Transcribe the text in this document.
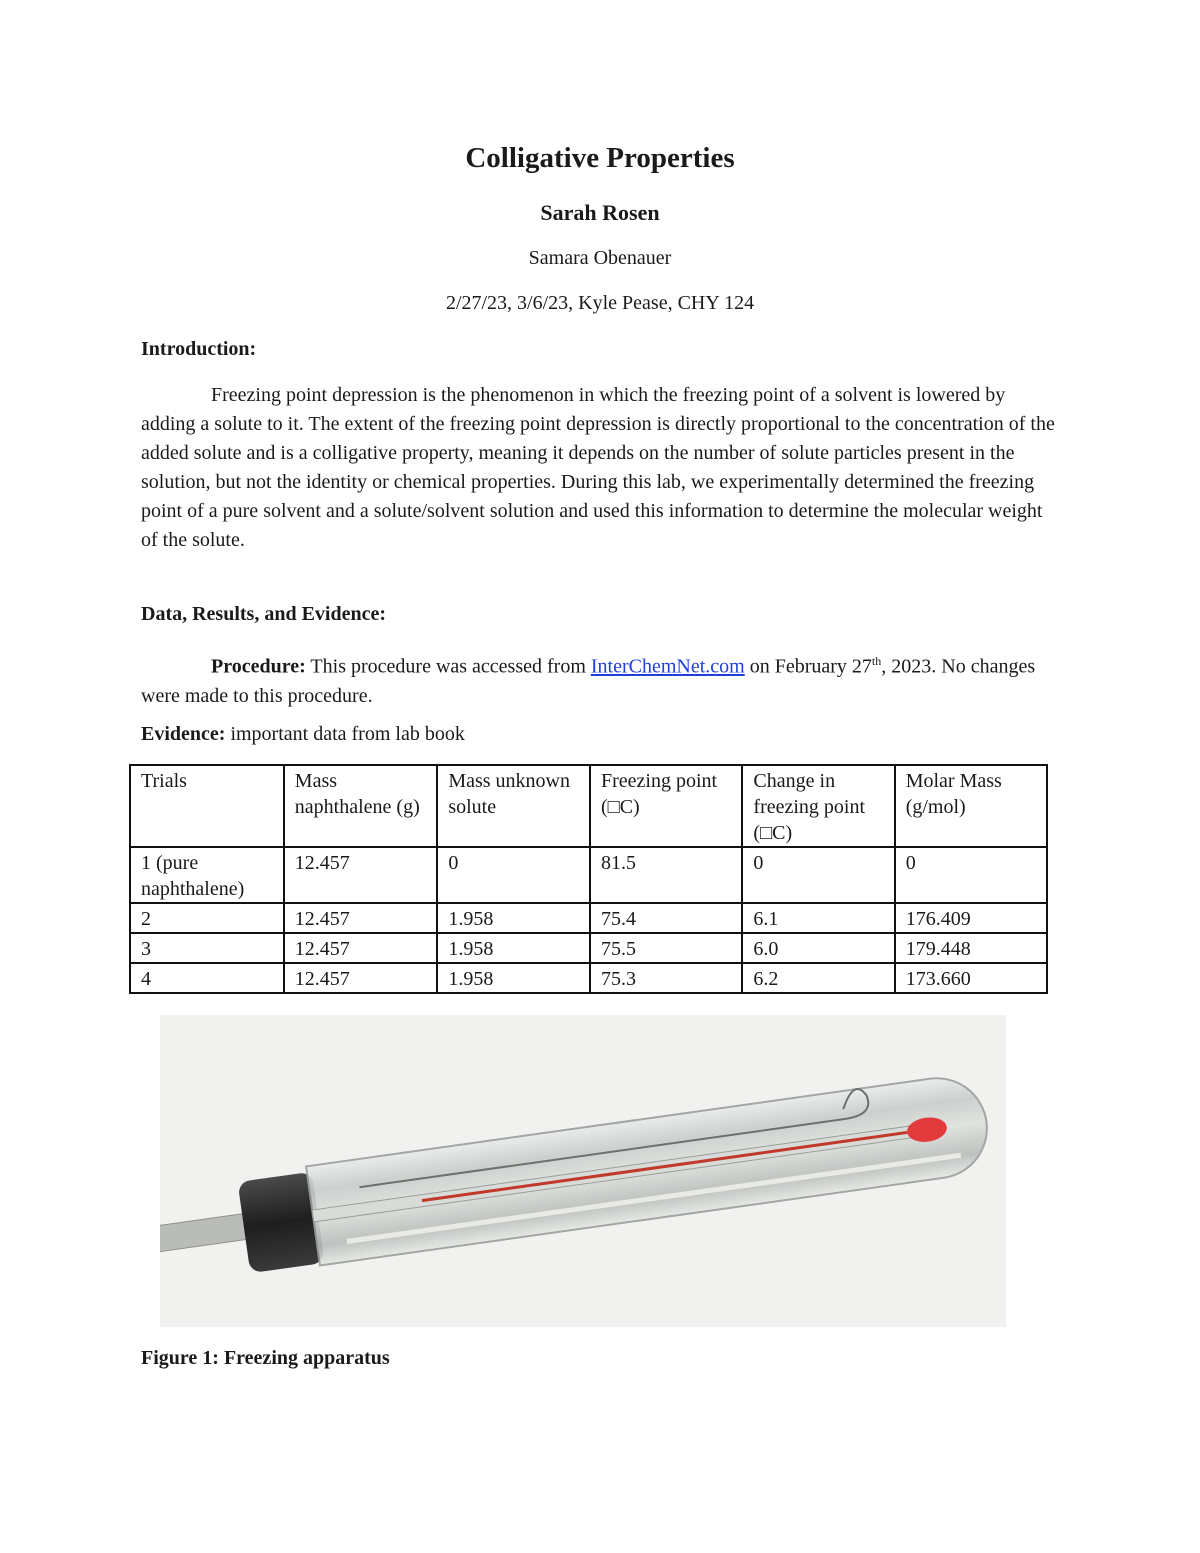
Colligative Properties
Sarah Rosen
Samara Obenauer
2/27/23, 3/6/23, Kyle Pease, CHY 124
Introduction:
Freezing point depression is the phenomenon in which the freezing point of a solvent is lowered by adding a solute to it. The extent of the freezing point depression is directly proportional to the concentration of the added solute and is a colligative property, meaning it depends on the number of solute particles present in the solution, but not the identity or chemical properties. During this lab, we experimentally determined the freezing point of a pure solvent and a solute/solvent solution and used this information to determine the molecular weight of the solute.
Data, Results, and Evidence:
Procedure: This procedure was accessed from InterChemNet.com on February 27th, 2023. No changes were made to this procedure.
Evidence: important data from lab book
Trials	Mass naphthalene (g)	Mass unknown solute	Freezing point (□C)	Change in freezing point (□C)	Molar Mass (g/mol)
1 (pure naphthalene)	12.457	0	81.5	0	0
2	12.457	1.958	75.4	6.1	176.409
3	12.457	1.958	75.5	6.0	179.448
4	12.457	1.958	75.3	6.2	173.660
Figure 1: Freezing apparatus
